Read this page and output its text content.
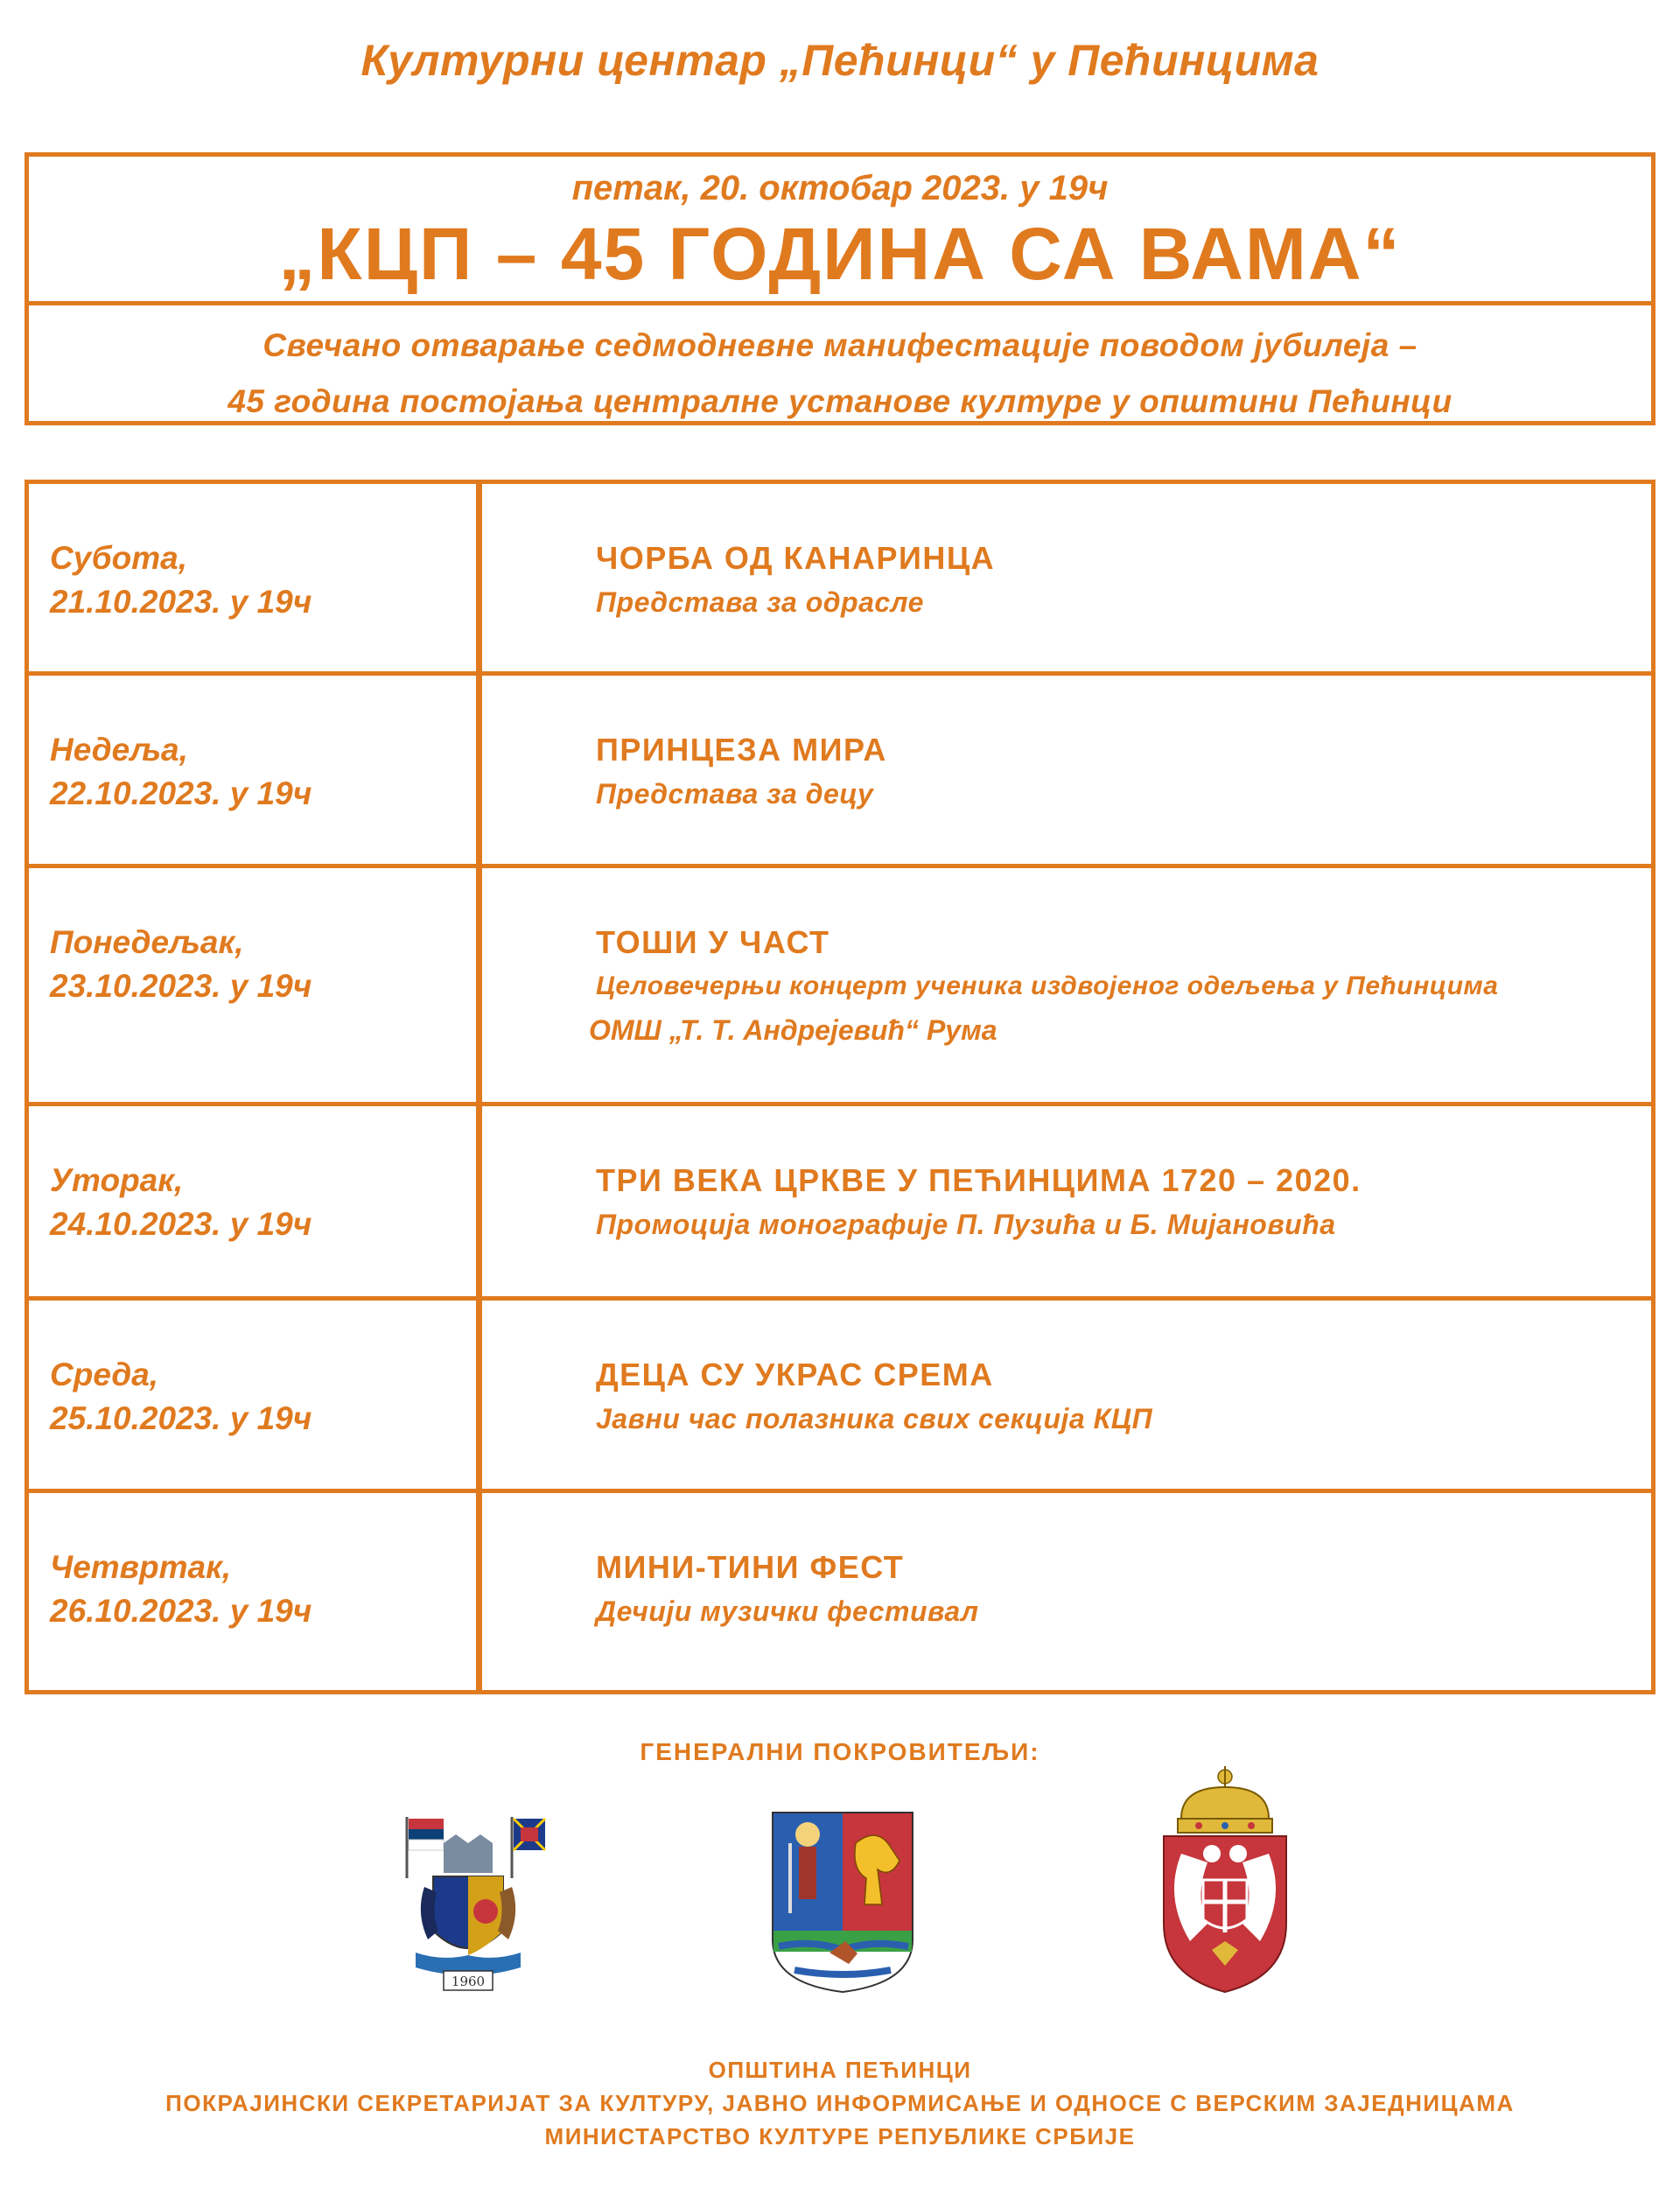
Културни центар „Пећинци“ у Пећинцима
петак, 20. октобар 2023. у 19ч
„КЦП – 45 ГОДИНА СА ВАМА“
Свечано отварање седмодневне манифестације поводом јубилеја –
45 година постојања централне установе културе у општини Пећинци
Субота,
21.10.2023. у 19ч
ЧОРБА ОД КАНАРИНЦА
Представа за одрасле
Недеља,
22.10.2023. у 19ч
ПРИНЦЕЗА МИРА
Представа за децу
Понедељак,
23.10.2023. у 19ч
ТОШИ У ЧАСТ
Целовечерњи концерт ученика издвојеног одељења у Пећинцима
ОМШ „Т. Т. Андрејевић“ Рума
Уторак,
24.10.2023. у 19ч
ТРИ ВЕКА ЦРКВЕ У ПЕЋИНЦИМА 1720 – 2020.
Промоција монографије П. Пузића и Б. Мијановића
Среда,
25.10.2023. у 19ч
ДЕЦА СУ УКРАС СРЕМА
Јавни час полазника свих секција КЦП
Четвртак,
26.10.2023. у 19ч
МИНИ-ТИНИ ФЕСТ
Дечији музички фестивал
ГЕНЕРАЛНИ ПОКРОВИТЕЉИ:
1960
ОПШТИНА ПЕЋИНЦИ
ПОКРАЈИНСКИ СЕКРЕТАРИЈАТ ЗА КУЛТУРУ, ЈАВНО ИНФОРМИСАЊЕ И ОДНОСЕ С ВЕРСКИМ ЗАЈЕДНИЦАМА
МИНИСТАРСТВО КУЛТУРЕ РЕПУБЛИКЕ СРБИЈЕ
